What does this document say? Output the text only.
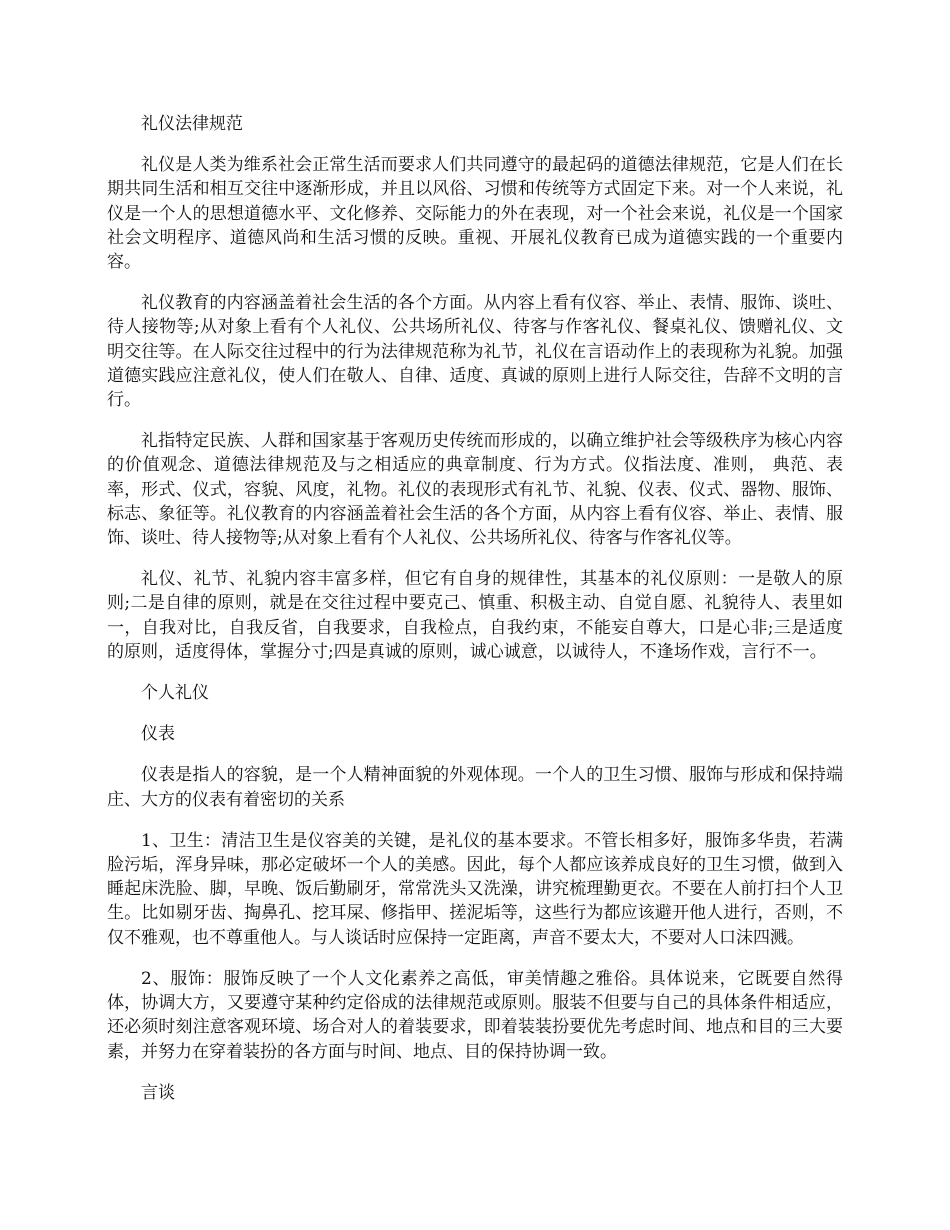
礼仪法律规范

礼仪是人类为维系社会正常生活而要求人们共同遵守的最起码的道德法律规范，它是人们在长期共同生活和相互交往中逐渐形成，并且以风俗、习惯和传统等方式固定下来。对一个人来说，礼仪是一个人的思想道德水平、文化修养、交际能力的外在表现，对一个社会来说，礼仪是一个国家社会文明程序、道德风尚和生活习惯的反映。重视、开展礼仪教育已成为道德实践的一个重要内容。

礼仪教育的内容涵盖着社会生活的各个方面。从内容上看有仪容、举止、表情、服饰、谈吐、待人接物等;从对象上看有个人礼仪、公共场所礼仪、待客与作客礼仪、餐桌礼仪、馈赠礼仪、文明交往等。在人际交往过程中的行为法律规范称为礼节，礼仪在言语动作上的表现称为礼貌。加强道德实践应注意礼仪，使人们在敬人、自律、适度、真诚的原则上进行人际交往，告辞不文明的言行。

礼指特定民族、人群和国家基于客观历史传统而形成的，以确立维护社会等级秩序为核心内容的价值观念、道德法律规范及与之相适应的典章制度、行为方式。仪指法度、准则， 典范、表率，形式、仪式，容貌、风度，礼物。礼仪的表现形式有礼节、礼貌、仪表、仪式、器物、服饰、标志、象征等。礼仪教育的内容涵盖着社会生活的各个方面，从内容上看有仪容、举止、表情、服饰、谈吐、待人接物等;从对象上看有个人礼仪、公共场所礼仪、待客与作客礼仪等。

礼仪、礼节、礼貌内容丰富多样，但它有自身的规律性，其基本的礼仪原则：一是敬人的原则;二是自律的原则，就是在交往过程中要克己、慎重、积极主动、自觉自愿、礼貌待人、表里如一，自我对比，自我反省，自我要求，自我检点，自我约束，不能妄自尊大，口是心非;三是适度的原则，适度得体，掌握分寸;四是真诚的原则，诚心诚意，以诚待人，不逢场作戏，言行不一。

个人礼仪

仪表

仪表是指人的容貌，是一个人精神面貌的外观体现。一个人的卫生习惯、服饰与形成和保持端庄、大方的仪表有着密切的关系

1、卫生：清洁卫生是仪容美的关键，是礼仪的基本要求。不管长相多好，服饰多华贵，若满脸污垢，浑身异味，那必定破坏一个人的美感。因此，每个人都应该养成良好的卫生习惯，做到入睡起床洗脸、脚，早晚、饭后勤刷牙，常常洗头又洗澡，讲究梳理勤更衣。不要在人前打扫个人卫生。比如剔牙齿、掏鼻孔、挖耳屎、修指甲、搓泥垢等，这些行为都应该避开他人进行，否则，不仅不雅观，也不尊重他人。与人谈话时应保持一定距离，声音不要太大，不要对人口沫四溅。

2、服饰：服饰反映了一个人文化素养之高低，审美情趣之雅俗。具体说来，它既要自然得体，协调大方，又要遵守某种约定俗成的法律规范或原则。服装不但要与自己的具体条件相适应，还必须时刻注意客观环境、场合对人的着装要求，即着装装扮要优先考虑时间、地点和目的三大要素，并努力在穿着装扮的各方面与时间、地点、目的保持协调一致。

言谈
